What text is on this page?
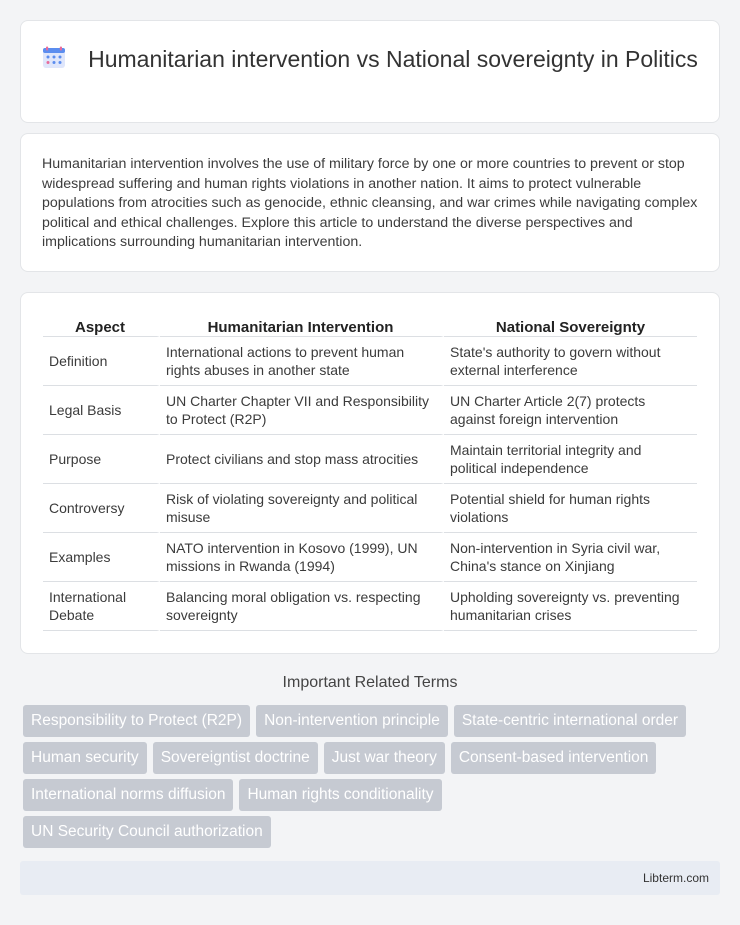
Humanitarian intervention vs National sovereignty in Politics

Humanitarian intervention involves the use of military force by one or more countries to prevent or stop widespread suffering and human rights violations in another nation. It aims to protect vulnerable populations from atrocities such as genocide, ethnic cleansing, and war crimes while navigating complex political and ethical challenges. Explore this article to understand the diverse perspectives and implications surrounding humanitarian intervention.

Aspect	Humanitarian Intervention	National Sovereignty
Definition	International actions to prevent human rights abuses in another state	State's authority to govern without external interference
Legal Basis	UN Charter Chapter VII and Responsibility to Protect (R2P)	UN Charter Article 2(7) protects against foreign intervention
Purpose	Protect civilians and stop mass atrocities	Maintain territorial integrity and political independence
Controversy	Risk of violating sovereignty and political misuse	Potential shield for human rights violations
Examples	NATO intervention in Kosovo (1999), UN missions in Rwanda (1994)	Non-intervention in Syria civil war, China's stance on Xinjiang
International Debate	Balancing moral obligation vs. respecting sovereignty	Upholding sovereignty vs. preventing humanitarian crises
Important Related Terms
Responsibility to Protect (R2P)	Non-intervention principle	State-centric international order
Human security	Sovereigntist doctrine	Just war theory	Consent-based intervention
International norms diffusion	Human rights conditionality
UN Security Council authorization
Libterm.com
